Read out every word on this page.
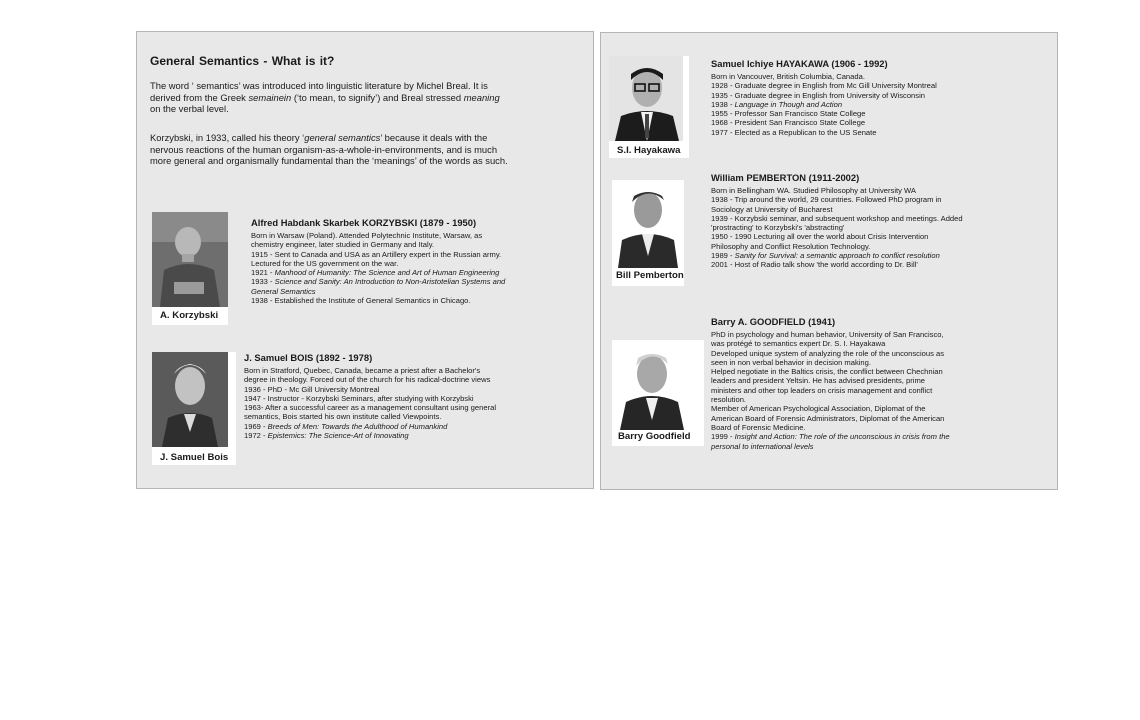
General Semantics - What is it?

The word ‘ semantics’ was introduced into linguistic literature by Michel Breal. It is
derived from the Greek semainein (‘to mean, to signify’) and Breal stressed meaning
on the verbal level.

Korzybski, in 1933, called his theory ‘general semantics’ because it deals with the
nervous reactions of the human organism-as-a-whole-in-environments, and is much
more general and organismally fundamental than the ‘meanings’ of the words as such.

A. Korzybski
Alfred Habdank Skarbek KORZYBSKI (1879 - 1950)
Born in Warsaw (Poland). Attended Polytechnic Institute, Warsaw, as
chemistry engineer, later studied in Germany and Italy.
1915 - Sent to Canada and USA as an Artillery expert in the Russian army.
Lectured for the US government on the war.
1921 - Manhood of Humanity: The Science and Art of Human Engineering
1933 - Science and Sanity: An Introduction to Non-Aristotelian Systems and
General Semantics
1938 - Established the Institute of General Semantics in Chicago.
J. Samuel Bois
J. Samuel BOIS (1892 - 1978)
Born in Stratford, Quebec, Canada, became a priest after a Bachelor's
degree in theology. Forced out of the church for his radical-doctrine views
1936 - PhD - Mc Gill University Montreal
1947 - Instructor - Korzybski Seminars, after studying with Korzybski
1963- After a successful career as a management consultant using general
semantics, Bois started his own institute called Viewpoints.
1969 - Breeds of Men: Towards the Adulthood of Humankind
1972 - Epistemics: The Science-Art of Innovating
S.I. Hayakawa
Samuel Ichiye HAYAKAWA (1906 - 1992)
Born in Vancouver, British Columbia, Canada.
1928 - Graduate degree in English from Mc Gill University Montreal
1935 - Graduate degree in English from University of Wisconsin
1938 - Language in Though and Action
1955 - Professor San Francisco State College
1968 - President San Francisco State College
1977 - Elected as a Republican to the US Senate
Bill Pemberton
William PEMBERTON (1911-2002)
Born in Bellingham WA. Studied Philosophy at University WA
1938 - Trip around the world, 29 countries. Followed PhD program in
Sociology at University of Bucharest
1939 - Korzybski seminar, and subsequent workshop and meetings. Added
'prostracting' to Korzybski's 'abstracting'
1950 - 1990 Lecturing all over the world about Crisis Intervention
Philosophy and Conflict Resolution Technology.
1989 - Sanity for Survival: a semantic approach to conflict resolution
2001 - Host of Radio talk show 'the world according to Dr. Bill'
Barry Goodfield
Barry A. GOODFIELD (1941)
PhD in psychology and human behavior, University of San Francisco,
was protégé to semantics expert Dr. S. I. Hayakawa
Developed unique system of analyzing the role of the unconscious as
seen in non verbal behavior in decision making.
Helped negotiate in the Baltics crisis, the conflict between Chechnian
leaders and president Yeltsin. He has advised presidents, prime
ministers and other top leaders on crisis management and conflict
resolution.
Member of American Psychological Association, Diplomat of the
American Board of Forensic Administrators, Diplomat of the American
Board of Forensic Medicine.
1999 - Insight and Action: The role of the unconscious in crisis from the
personal to international levels
